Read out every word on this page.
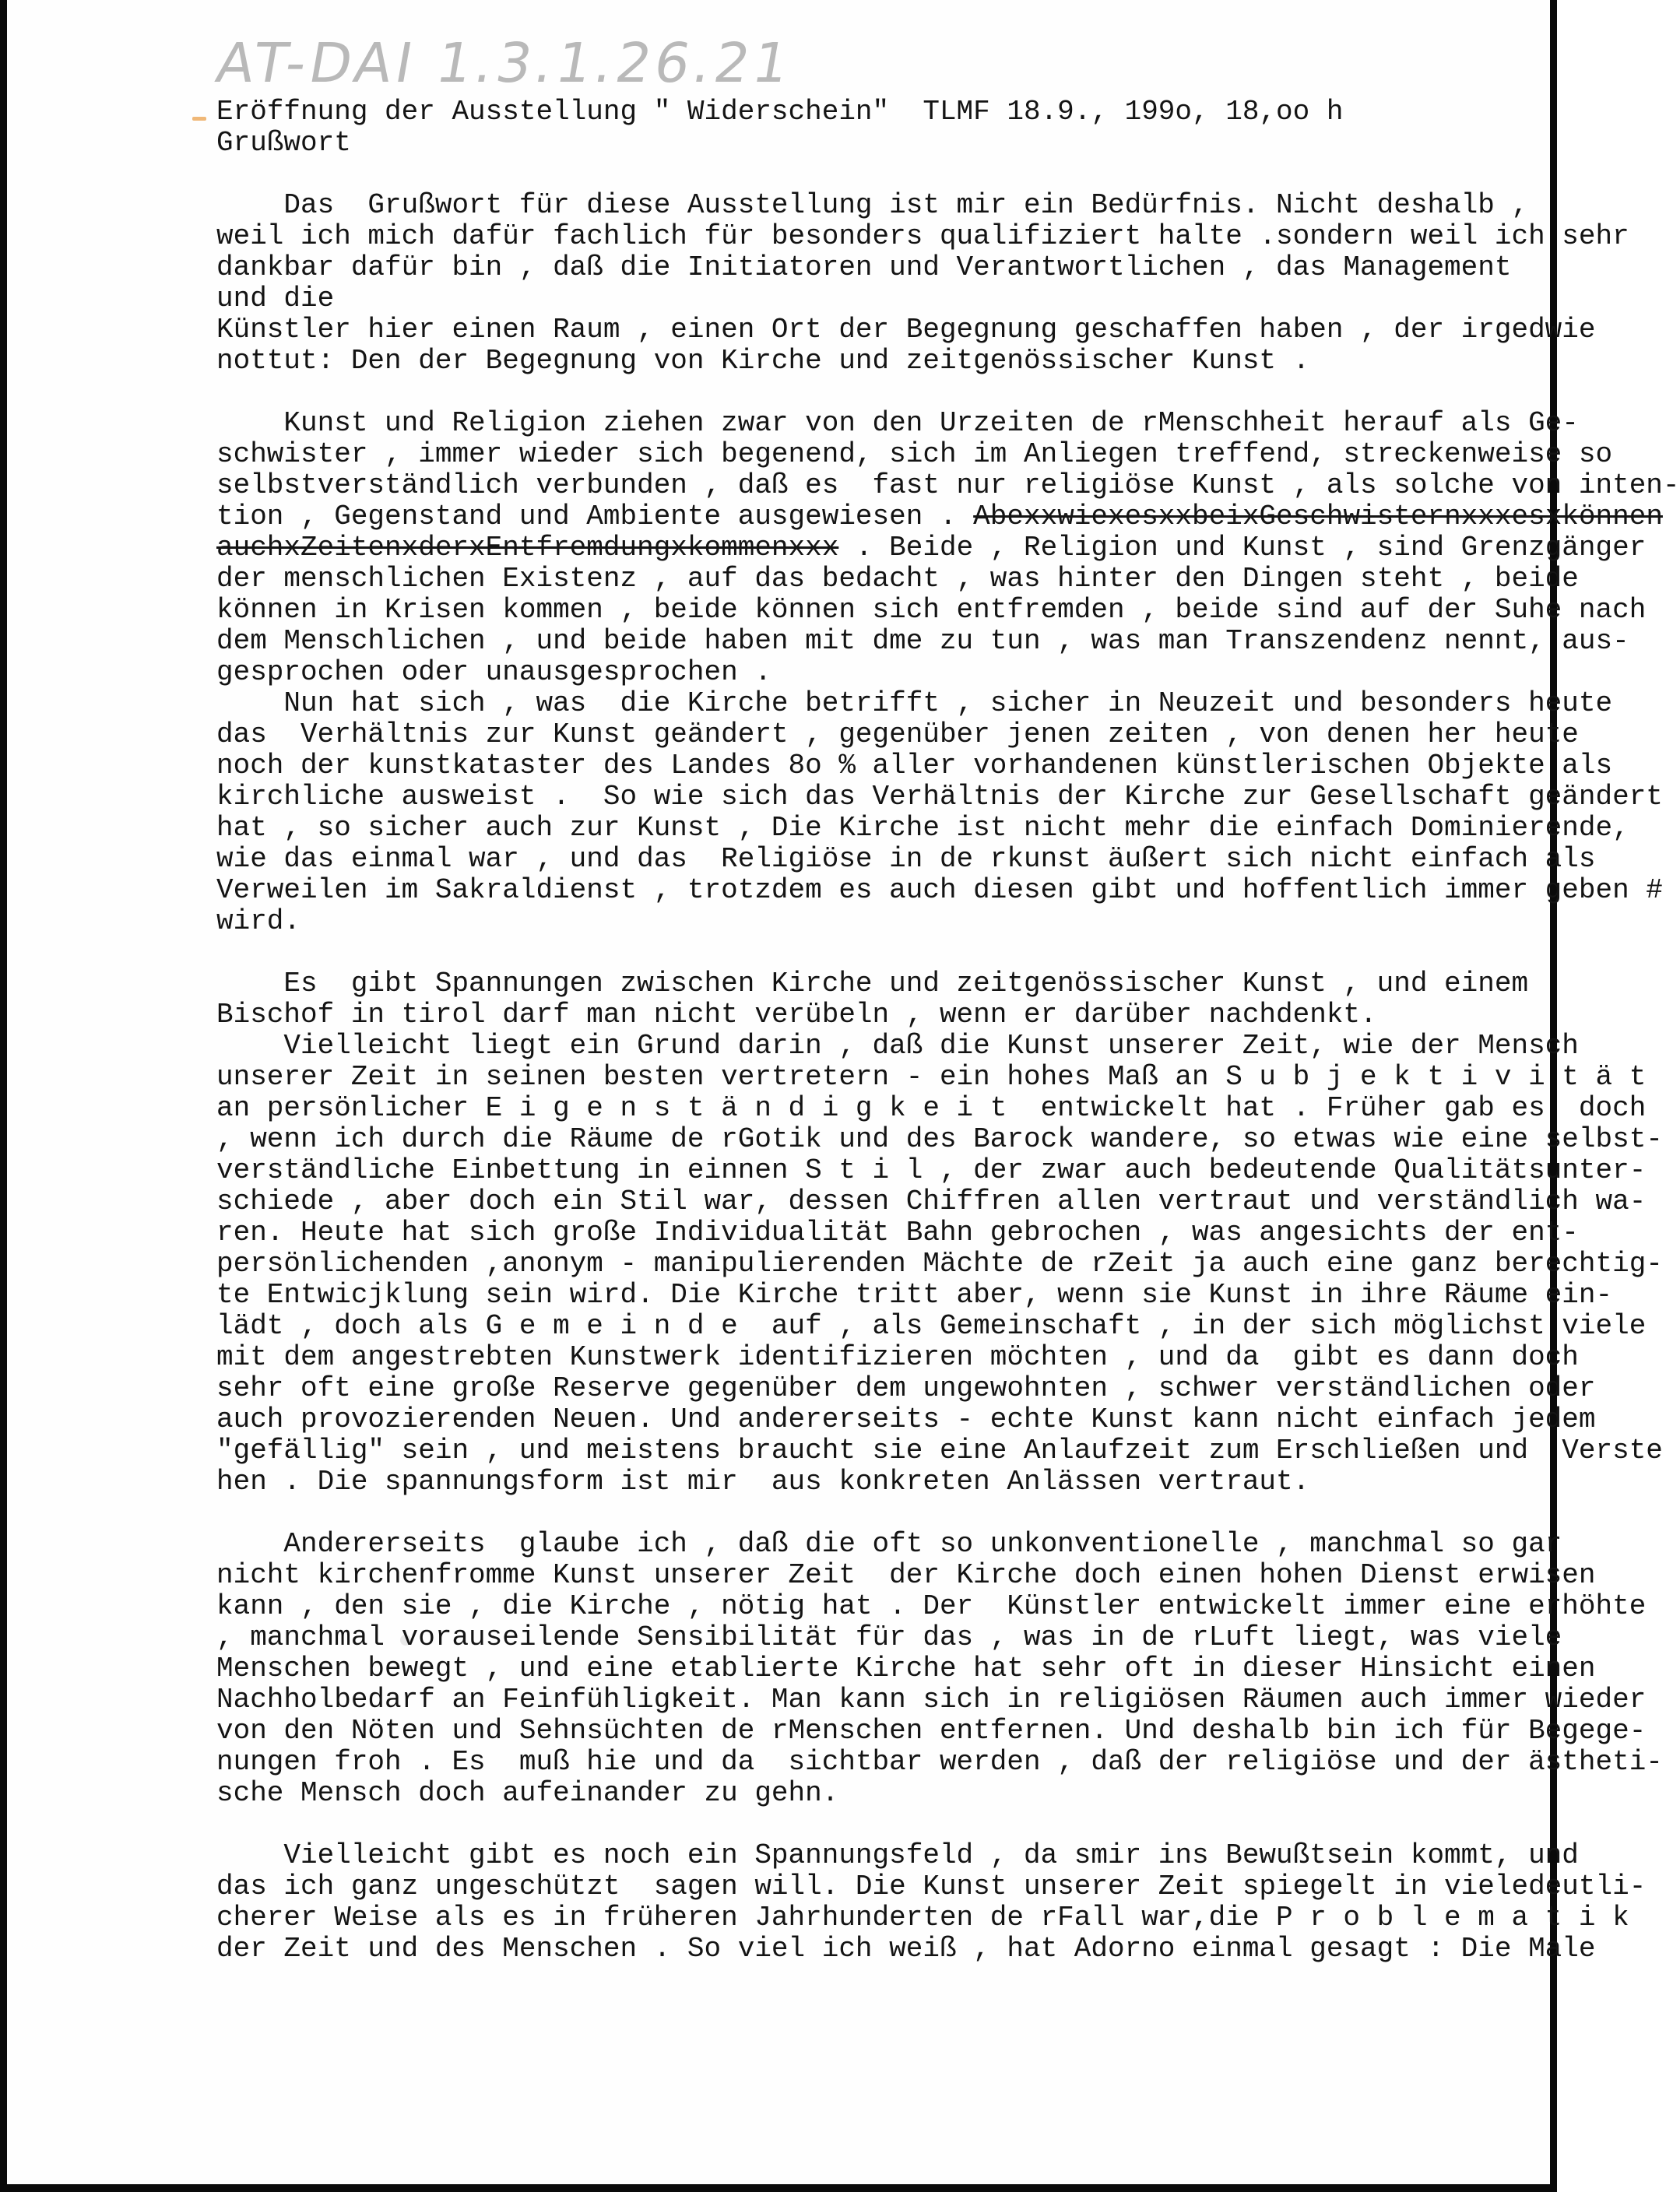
AT-DAI 1.3.1.26.21

Eröffnung der Ausstellung " Widerschein"  TLMF 18.9., 199o, 18,oo h

Grußwort

Das  Grußwort für diese Ausstellung ist mir ein Bedürfnis. Nicht deshalb ,
weil ich mich dafür fachlich für besonders qualifiziert halte .sondern weil ich sehr
dankbar dafür bin , daß die Initiatoren und Verantwortlichen , das Management
und die
Künstler hier einen Raum , einen Ort der Begegnung geschaffen haben , der irgedwie
nottut: Den der Begegnung von Kirche und zeitgenössischer Kunst .
Kunst und Religion ziehen zwar von den Urzeiten de rMenschheit herauf als Ge-
schwister , immer wieder sich begenend, sich im Anliegen treffend, streckenweise so
selbstverständlich verbunden , daß es  fast nur religiöse Kunst , als solche von inten-
tion , Gegenstand und Ambiente ausgewiesen . AbexxwiexesxxbeixGeschwisternxxxesxkönnen
auchxZeitenxderxEntfremdungxkommenxxx . Beide , Religion und Kunst , sind Grenzgänger
der menschlichen Existenz , auf das bedacht , was hinter den Dingen steht , beide
können in Krisen kommen , beide können sich entfremden , beide sind auf der Suhe nach
dem Menschlichen , und beide haben mit dme zu tun , was man Transzendenz nennt, aus-
gesprochen oder unausgesprochen .
Nun hat sich , was  die Kirche betrifft , sicher in Neuzeit und besonders heute
das  Verhältnis zur Kunst geändert , gegenüber jenen zeiten , von denen her heute
noch der kunstkataster des Landes 8o % aller vorhandenen künstlerischen Objekte als
kirchliche ausweist .  So wie sich das Verhältnis der Kirche zur Gesellschaft geändert
hat , so sicher auch zur Kunst , Die Kirche ist nicht mehr die einfach Dominierende,
wie das einmal war , und das  Religiöse in de rkunst äußert sich nicht einfach als
Verweilen im Sakraldienst , trotzdem es auch diesen gibt und hoffentlich immer geben #
wird.
Es  gibt Spannungen zwischen Kirche und zeitgenössischer Kunst , und einem
Bischof in tirol darf man nicht verübeln , wenn er darüber nachdenkt.
Vielleicht liegt ein Grund darin , daß die Kunst unserer Zeit, wie der Mensch
unserer Zeit in seinen besten vertretern - ein hohes Maß an S u b j e k t i v i t ä t
an persönlicher E i g e n s t ä n d i g k e i t  entwickelt hat . Früher gab es  doch
, wenn ich durch die Räume de rGotik und des Barock wandere, so etwas wie eine selbst-
verständliche Einbettung in einnen S t i l , der zwar auch bedeutende Qualitätsunter-
schiede , aber doch ein Stil war, dessen Chiffren allen vertraut und verständlich wa-
ren. Heute hat sich große Individualität Bahn gebrochen , was angesichts der ent-
persönlichenden ,anonym - manipulierenden Mächte de rZeit ja auch eine ganz berechtig-
te Entwicjklung sein wird. Die Kirche tritt aber, wenn sie Kunst in ihre Räume ein-
lädt , doch als G e m e i n d e  auf , als Gemeinschaft , in der sich möglichst viele
mit dem angestrebten Kunstwerk identifizieren möchten , und da  gibt es dann doch
sehr oft eine große Reserve gegenüber dem ungewohnten , schwer verständlichen oder
auch provozierenden Neuen. Und andererseits - echte Kunst kann nicht einfach jedem
"gefällig" sein , und meistens braucht sie eine Anlaufzeit zum Erschließen und  Verste
hen . Die spannungsform ist mir  aus konkreten Anlässen vertraut.
Andererseits  glaube ich , daß die oft so unkonventionelle , manchmal so gar
nicht kirchenfromme Kunst unserer Zeit  der Kirche doch einen hohen Dienst erwisen
kann , den sie , die Kirche , nötig hat . Der  Künstler entwickelt immer eine erhöhte
, manchmal vorauseilende Sensibilität für das , was in de rLuft liegt, was viele
Menschen bewegt , und eine etablierte Kirche hat sehr oft in dieser Hinsicht einen
Nachholbedarf an Feinfühligkeit. Man kann sich in religiösen Räumen auch immer wieder
von den Nöten und Sehnsüchten de rMenschen entfernen. Und deshalb bin ich für Begege-
nungen froh . Es  muß hie und da  sichtbar werden , daß der religiöse und der ästheti-
sche Mensch doch aufeinander zu gehn.
Vielleicht gibt es noch ein Spannungsfeld , da smir ins Bewußtsein kommt, und
das ich ganz ungeschützt  sagen will. Die Kunst unserer Zeit spiegelt in vieledeutli-
cherer Weise als es in früheren Jahrhunderten de rFall war,die P r o b l e m a t i k
der Zeit und des Menschen . So viel ich weiß , hat Adorno einmal gesagt : Die Male
